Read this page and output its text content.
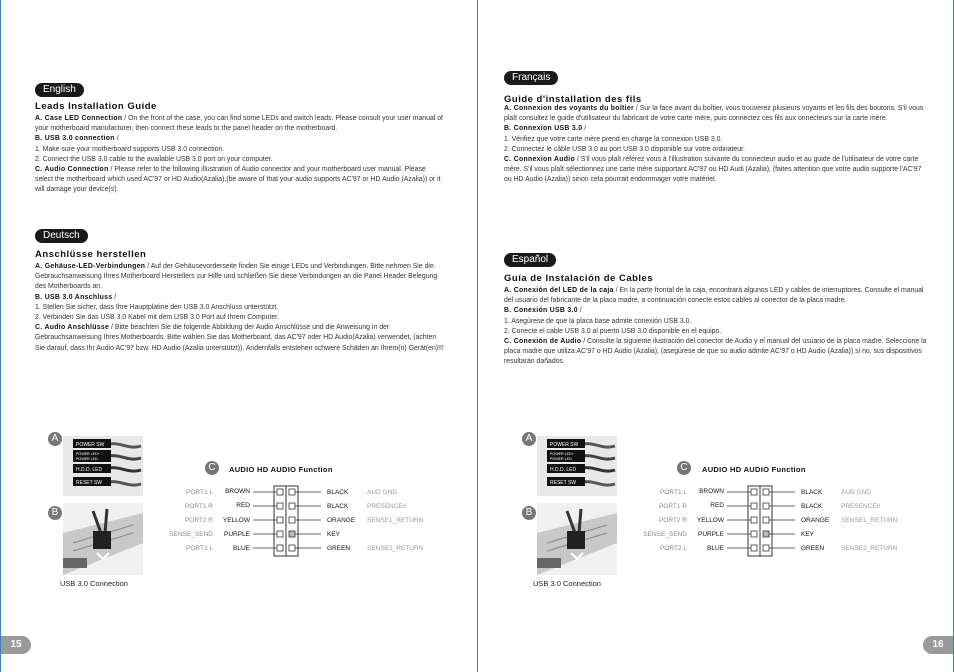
English
Leads Installation Guide

A. Case LED Connection / On the front of the case, you can find some LEDs and switch leads. Please consult your user manual of your motherboard manufacturer, then connect these leads to the panel header on the motherboard.

B. USB 3.0 connection /

1. Make sure your motherboard supports USB 3.0 connection.

2. Connect the USB 3.0 cable to the available USB 3.0 port on your computer.

C. Audio Connection / Please refer to the following illustration of Audio connector and your motherboard user manual. Please select the motherboard which used AC'97 or HD Audio(Azalia),(be aware of that your audio supports AC'97 or HD Audio (Azalia)) or it will damage your device(s).

Deutsch
Anschlüsse herstellen

A. Gehäuse-LED-Verbindungen / Auf der Gehäusevorderseite finden Sie einige LEDs und Verbindungen. Bitte nehmen Sie die Gebrauchsanweisung Ihres Motherboard Herstellers zur Hilfe und schließen Sie diese Verbindungen an die Panel Header Belegung des Motherboards an.

B. USB 3.0 Anschluss /

1. Stellen Sie sicher, dass Ihre Hauptplatine den USB 3.0 Anschluss unterstützt.

2. Verbinden Sie das USB 3.0 Kabel mit dem USB 3.0 Port auf Ihrem Computer.

C. Audio Anschlüsse / Bitte beachten Sie die folgende Abbildung der Audio Anschlüsse und die Anweisung in der Gebrauchsanweisung Ihres Motherboards. Bitte wählen Sie das Motherboard, das AC'97 oder HD Audio(Azalia) verwendet, (achten Sie darauf, dass Ihr Audio AC'97 bzw. HD Audio (Azalia unterstützt)). Andernfalls entstehen schwere Schäden an Ihrem(n) Gerät(en)!!!

POWER SW
POWER LED+
POWER LED-
H.D.D. LED
RESET SW
A
B
USB 3.0 Connection
C	AUDIO HD AUDIO Function
PORT1 L
PORT1 R
PORT2 R
SENSE_SEND
PORT2 L
BROWN
RED
YELLOW
PURPLE
BLUE
BLACK
BLACK
ORANGE
KEY
GREEN
AUD GND
PRESENCE#
SENSE1_RETURN
SENSE2_RETURN
15
Français
Guide d'installation des fils

A. Connexion des voyants du boîtier / Sur la face avant du boîtier, vous trouverez plusieurs voyants et les fils des boutons. S'il vous plaît consultez le guide d'utilisateur du fabricant de votre carte mère, puis connectez ces fils aux onnecteurs sur la carte mère.

B. Connexion USB 3.0 /

1. Vérifiez que votre carte mère prend en charge la connexion USB 3.0.

2. Connectez le câble USB 3.0 au port USB 3.0 disponible sur votre ordinateur.

C. Connexion Audio / S'il vous plaît référez vous à l'illustration suivante du connecteur audio et au guide de l'utilisateur de votre carte mère. S'il vous plaît sélectionnez une carte mère supportant AC'97 ou HD Audi (Azalia), (faites attention que votre audio supporte l'AC'97 ou HD Audio (Azalia)) sinon cela pourrait endommager votre matériel.

Español
Guía de Instalación de Cables

A. Conexión del LED de la caja / En la parte frontal de la caja, encontrará algunos LED y cables de interruptores. Consulte el manual del usuario del fabricante de la placa madre, a continuación conecte estos cables al conector de la placa madre.

B. Conexión USB 3.0 /

1. Asegúrese de que la placa base admite conexión USB 3.0.

2. Conecte el cable USB 3.0 al puerto USB 3.0 disponible en el equipo.

C. Conexión de Audio / Consulte la siguiente ilustración del conector de Audio y el manual del usuario de la placa madre. Seleccione la placa madre que utiliza AC'97 o HD Audio (Azalia), (asegúrese de que su audio admite AC'97 o HD Audio (Azalia)) si no, sus dispositivos resultarán dañados

POWER SW
POWER LED+
POWER LED-
H.D.D. LED
RESET SW
A
B
USB 3.0 Connection
C	AUDIO HD AUDIO Function
PORT1 L
PORT1 R
PORT2 R
SENSE_SEND
PORT2 L
BROWN
RED
YELLOW
PURPLE
BLUE
BLACK
BLACK
ORANGE
KEY
GREEN
AUD GND
PRESENCE#
SENSE1_RETURN
SENSE2_RETURN
16
